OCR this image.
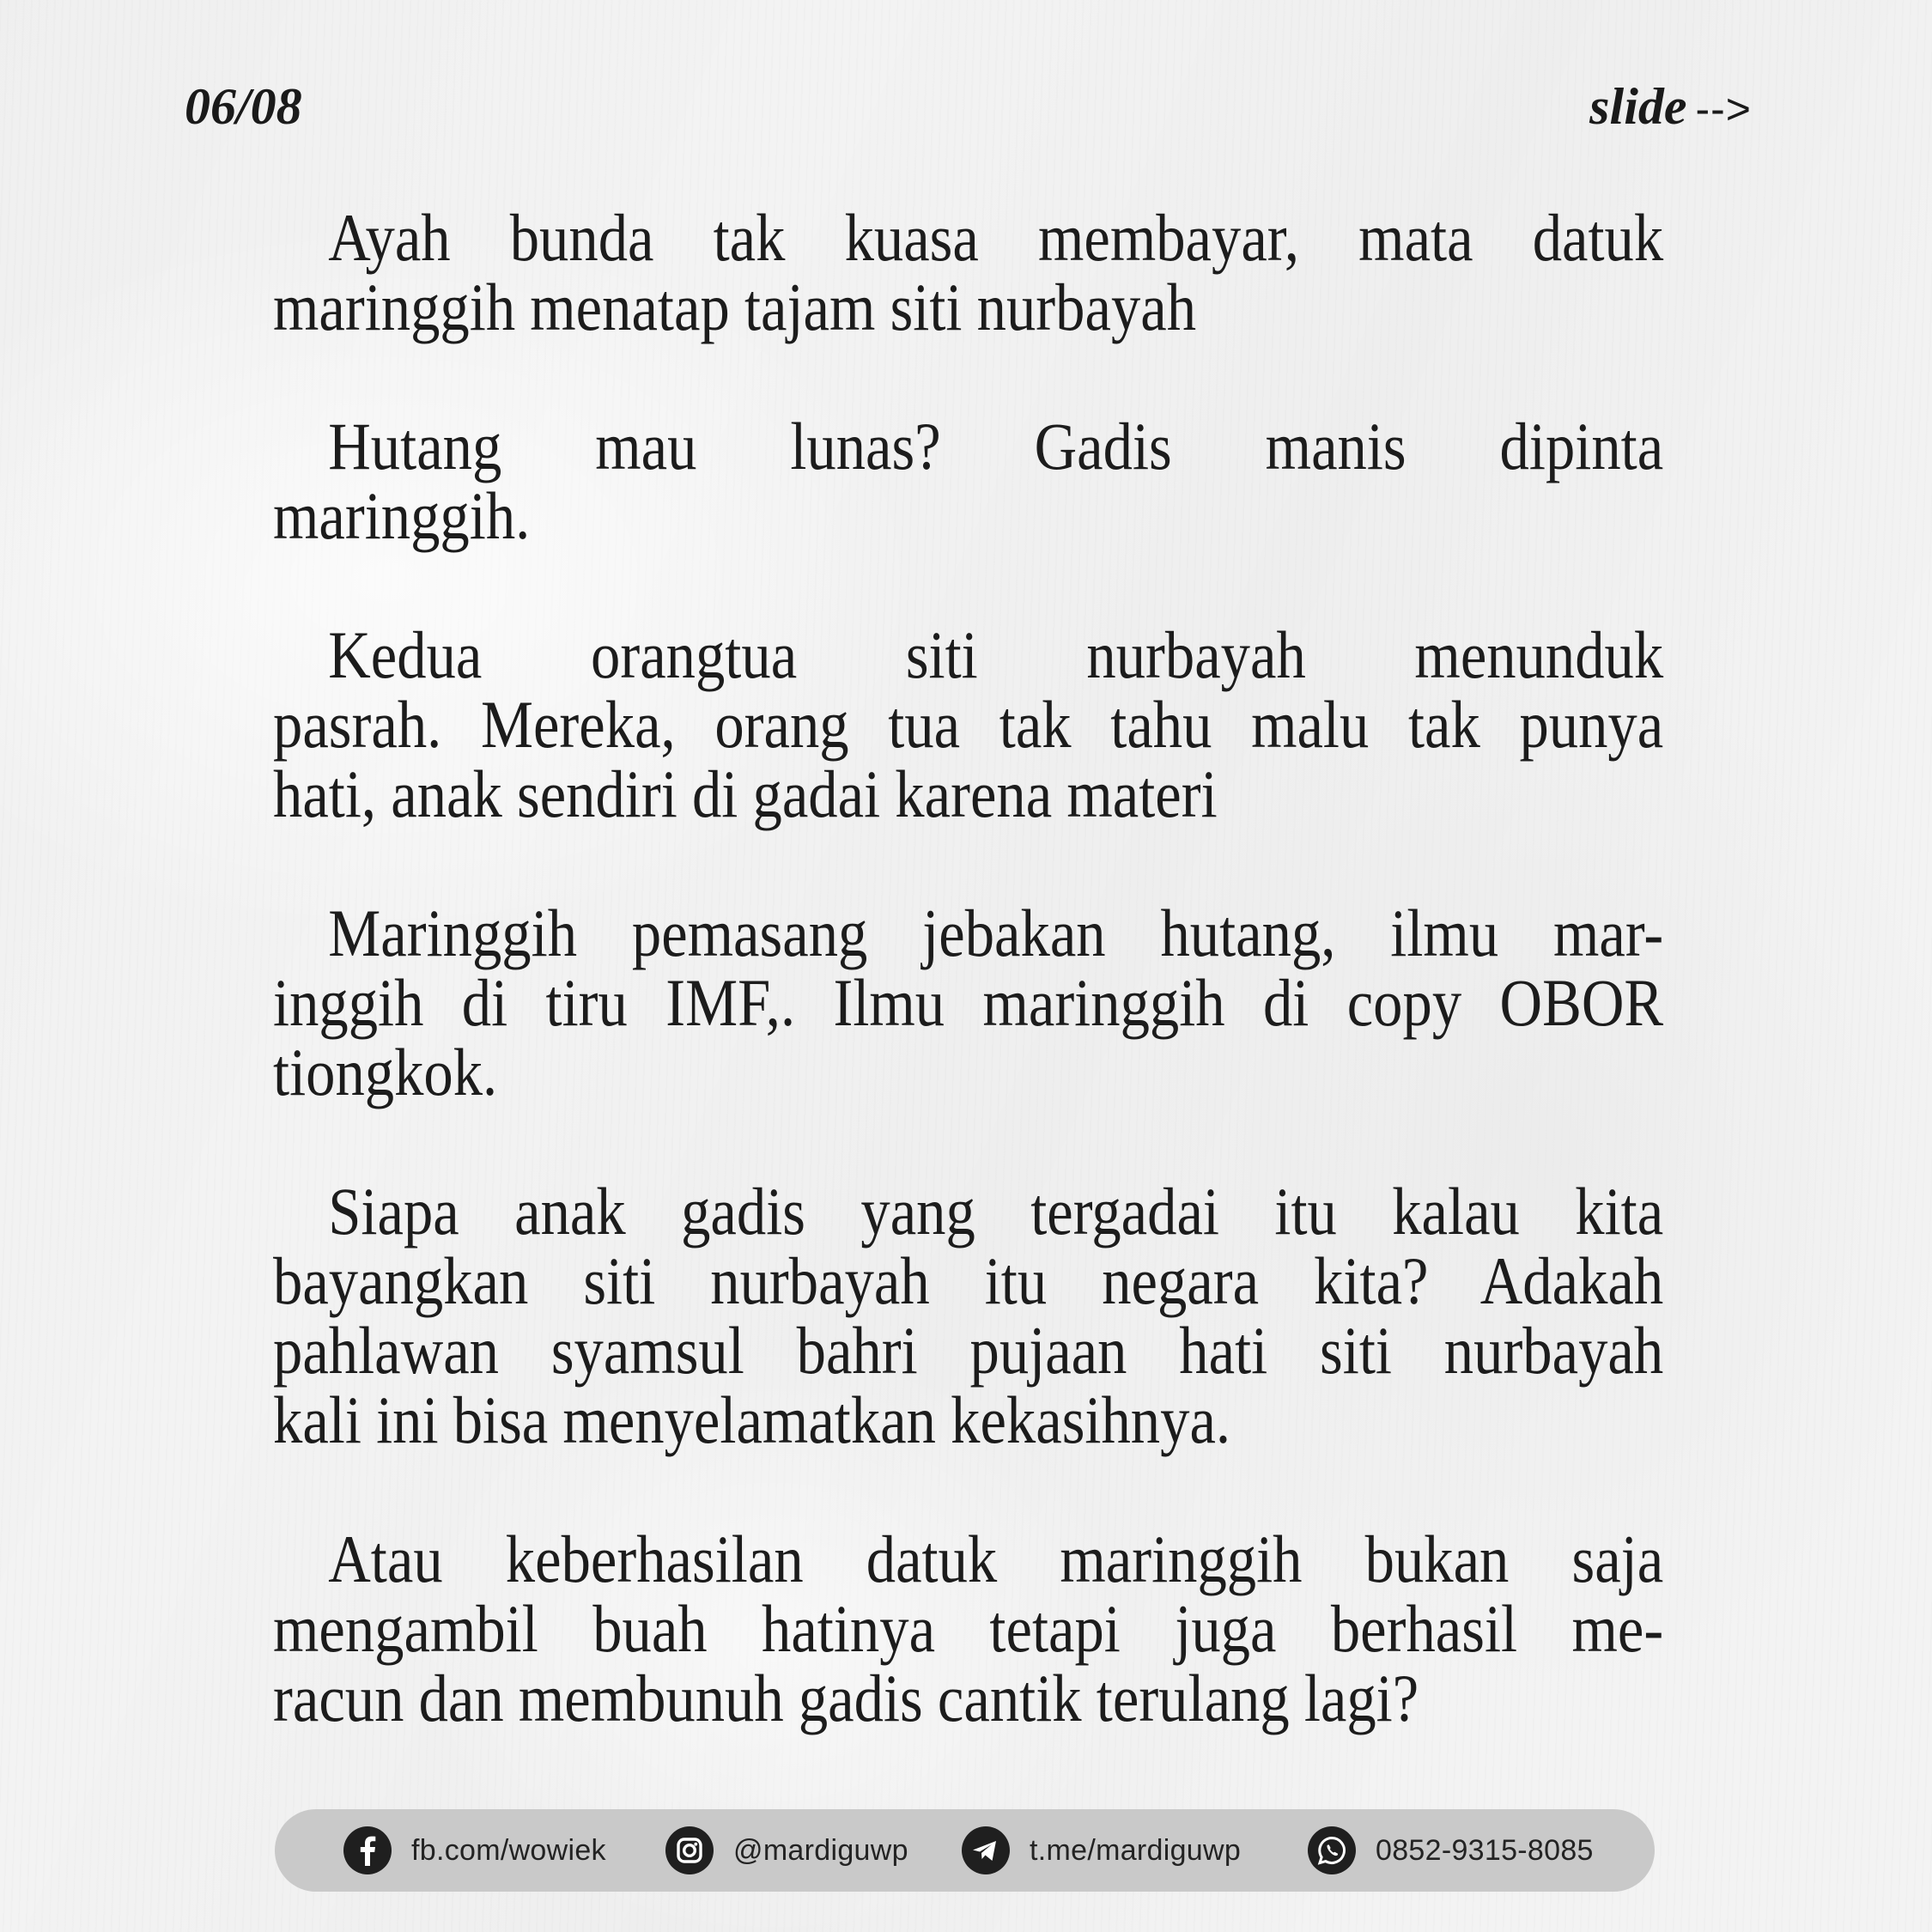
06/08	slide -->

Ayah bunda tak kuasa membayar, mata datuk
maringgih menatap tajam siti nurbayah

Hutang mau lunas? Gadis manis dipinta
maringgih.

Kedua orangtua siti nurbayah menunduk
pasrah. Mereka, orang tua tak tahu malu tak punya
hati, anak sendiri di gadai karena materi

Maringgih pemasang jebakan hutang, ilmu mar-
inggih di tiru IMF,. Ilmu maringgih di copy OBOR
tiongkok.

Siapa anak gadis yang tergadai itu kalau kita
bayangkan siti nurbayah itu negara kita? Adakah
pahlawan syamsul bahri pujaan hati siti nurbayah
kali ini bisa menyelamatkan kekasihnya.

Atau keberhasilan datuk maringgih bukan saja
mengambil buah hatinya tetapi juga berhasil me-
racun dan membunuh gadis cantik terulang lagi?

fb.com/wowiek	@mardiguwp	t.me/mardiguwp	0852-9315-8085
